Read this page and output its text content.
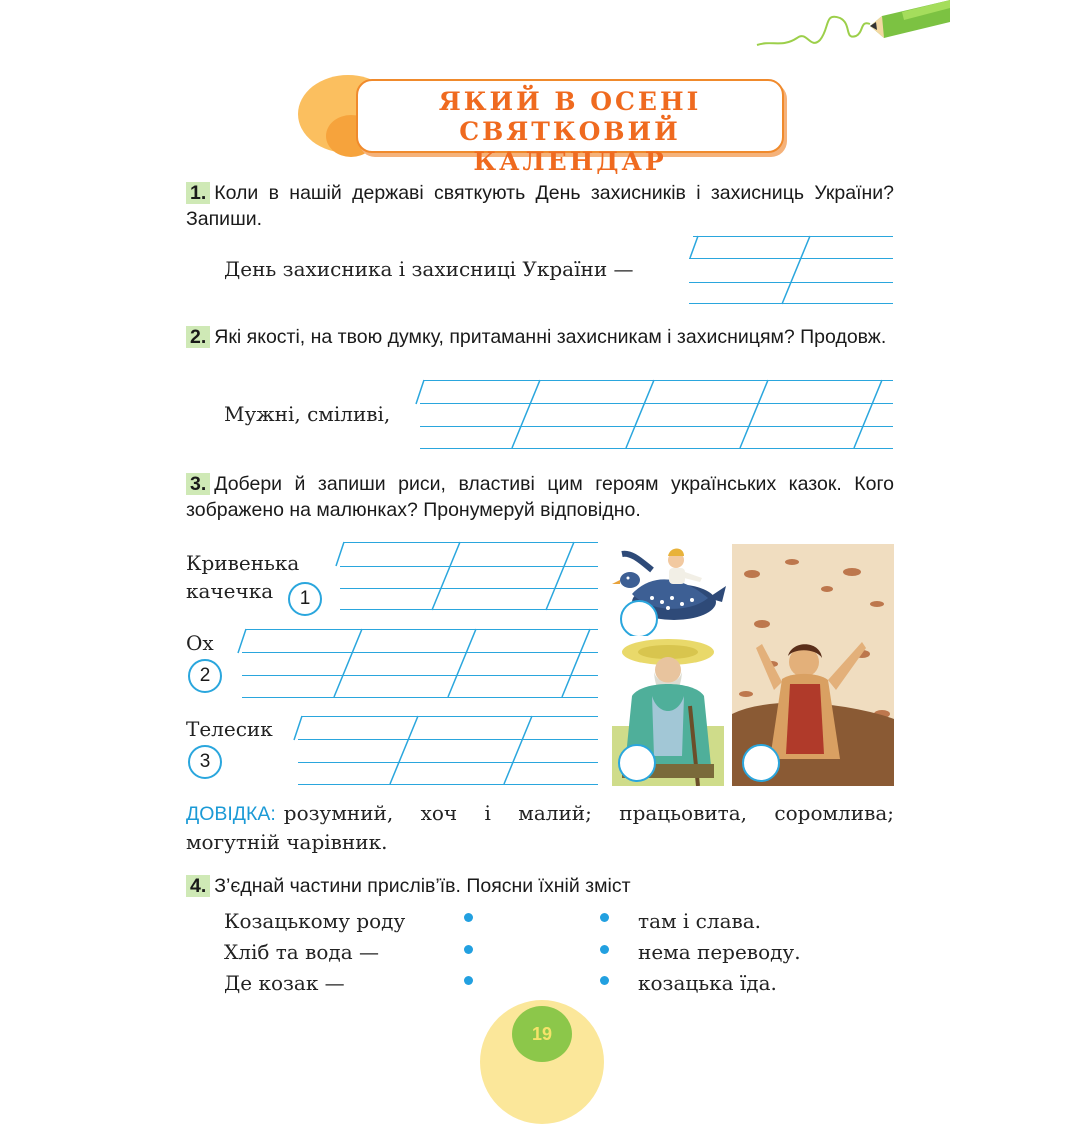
ЯКИЙ В ОСЕНІ
СВЯТКОВИЙ КАЛЕНДАР
1. Коли в нашій державі святкують День захисників і захисниць України? Запиши.
День захисника і захисниці України —
2. Які якості, на твою думку, притаманні захисникам і захисницям? Продовж.
Мужні, сміливі,
3. Добери й запиши риси, властиві цим героям українських казок. Кого зображено на малюнках? Пронумеруй відповідно.
Кривенька
качечка	1
Ох
2
Телесик
3
ДОВІДКА: розумний, хоч і малий; працьовита, соромлива;
могутній чарівник.
4. З’єднай частини прислів’їв. Поясни їхній зміст
Козацькому роду
Хліб та вода —
Де козак —
там і слава.
нема переводу.
козацька їда.
19
